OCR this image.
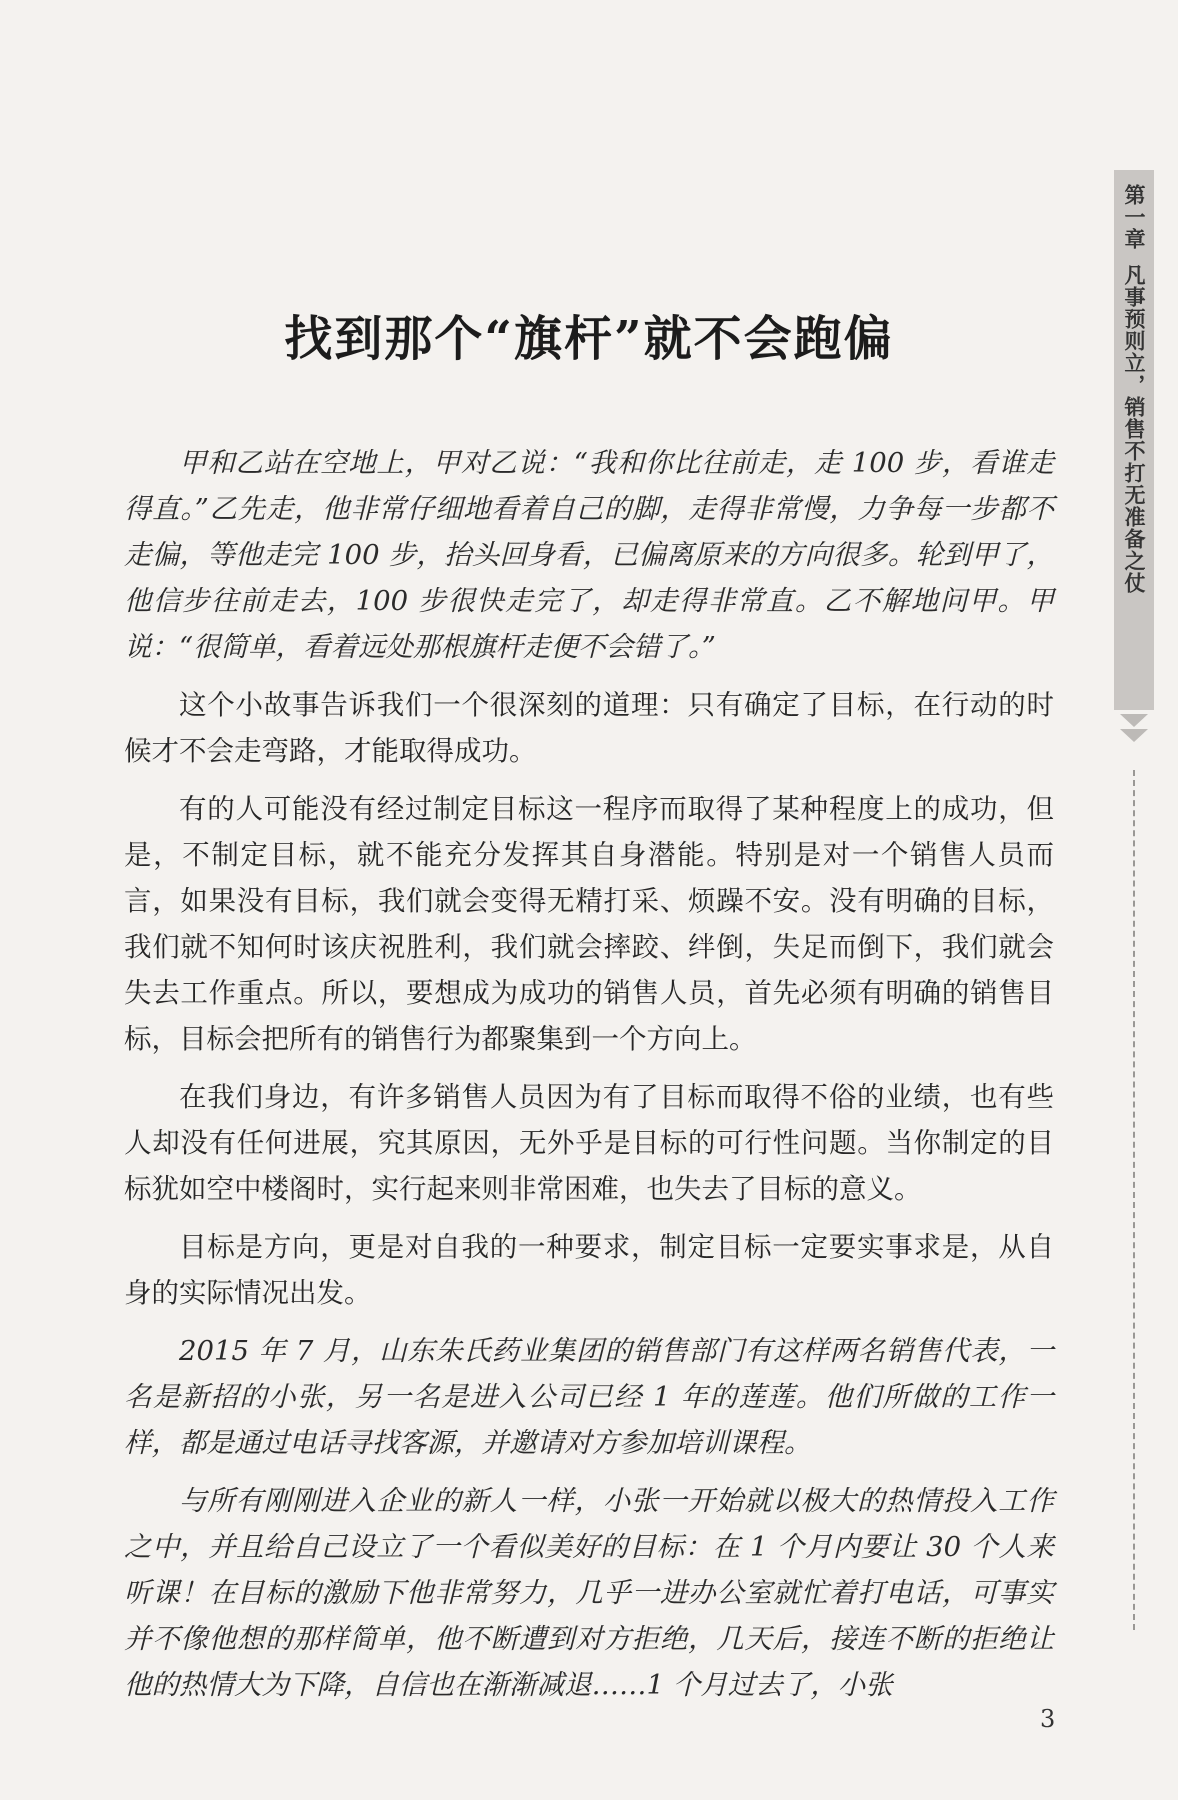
找到那个“旗杆”就不会跑偏

甲和乙站在空地上，甲对乙说：“我和你比往前走，走 100 步，看谁走得直。”乙先走，他非常仔细地看着自己的脚，走得非常慢，力争每一步都不走偏，等他走完 100 步，抬头回身看，已偏离原来的方向很多。轮到甲了，他信步往前走去，100 步很快走完了，却走得非常直。乙不解地问甲。甲说：“很简单，看着远处那根旗杆走便不会错了。”

这个小故事告诉我们一个很深刻的道理：只有确定了目标，在行动的时候才不会走弯路，才能取得成功。

有的人可能没有经过制定目标这一程序而取得了某种程度上的成功，但是，不制定目标，就不能充分发挥其自身潜能。特别是对一个销售人员而言，如果没有目标，我们就会变得无精打采、烦躁不安。没有明确的目标，我们就不知何时该庆祝胜利，我们就会摔跤、绊倒，失足而倒下，我们就会失去工作重点。所以，要想成为成功的销售人员，首先必须有明确的销售目标，目标会把所有的销售行为都聚集到一个方向上。

在我们身边，有许多销售人员因为有了目标而取得不俗的业绩，也有些人却没有任何进展，究其原因，无外乎是目标的可行性问题。当你制定的目标犹如空中楼阁时，实行起来则非常困难，也失去了目标的意义。

目标是方向，更是对自我的一种要求，制定目标一定要实事求是，从自身的实际情况出发。

2015 年 7 月，山东朱氏药业集团的销售部门有这样两名销售代表，一名是新招的小张，另一名是进入公司已经 1 年的莲莲。他们所做的工作一样，都是通过电话寻找客源，并邀请对方参加培训课程。

与所有刚刚进入企业的新人一样，小张一开始就以极大的热情投入工作之中，并且给自己设立了一个看似美好的目标：在 1 个月内要让 30 个人来听课！在目标的激励下他非常努力，几乎一进办公室就忙着打电话，可事实并不像他想的那样简单，他不断遭到对方拒绝，几天后，接连不断的拒绝让他的热情大为下降，自信也在渐渐减退……1 个月过去了，小张

第一章
凡事预则立，销售不打无准备之仗
3
